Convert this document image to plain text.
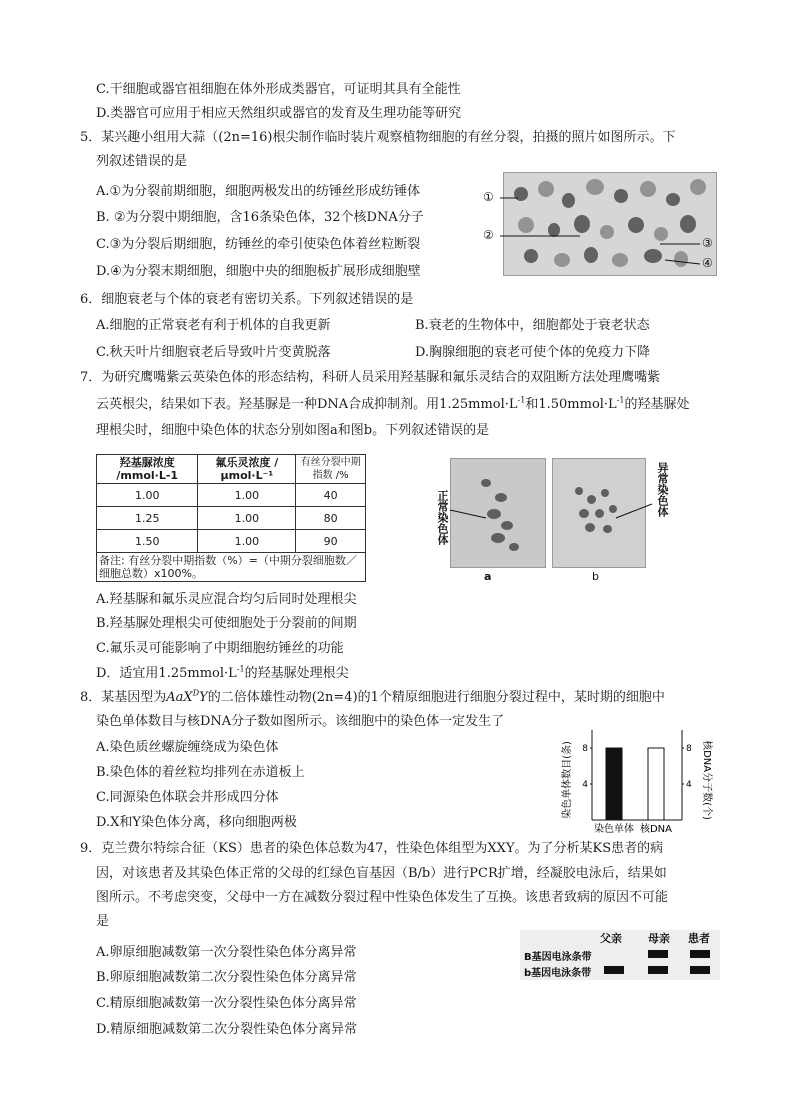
C.干细胞或器官祖细胞在体外形成类器官，可证明其具有全能性
D.类器官可应用于相应天然组织或器官的发育及生理功能等研究
5．某兴趣小组用大蒜（(2n=16)根尖制作临时装片观察植物细胞的有丝分裂，拍摄的照片如图所示。下
列叙述错误的是
A.①为分裂前期细胞，细胞两极发出的纺锤丝形成纺锤体
B. ②为分裂中期细胞，含16条染色体，32个核DNA分子
C.③为分裂后期细胞，纺锤丝的牵引使染色体着丝粒断裂
D.④为分裂末期细胞，细胞中央的细胞板扩展形成细胞壁
①
②
③
④
6．细胞衰老与个体的衰老有密切关系。下列叙述错误的是
A.细胞的正常衰老有利于机体的自我更新	B.衰老的生物体中，细胞都处于衰老状态
C.秋天叶片细胞衰老后导致叶片变黄脱落	D.胸腺细胞的衰老可使个体的免疫力下降
7．为研究鹰嘴紫云英染色体的形态结构，科研人员采用羟基脲和氟乐灵结合的双阻断方法处理鹰嘴紫
云英根尖，结果如下表。羟基脲是一种DNA合成抑制剂。用$1.25mmol\cdot L^{-1}$和$1.50mmol\cdot L^{-1}$的羟基脲处
理根尖时，细胞中染色体的状态分别如图a和图b。下列叙述错误的是
羟基脲浓度 /mmol·L-1	氟乐灵浓度 /μmol·L⁻¹	有丝分裂中期指数 /%
1.00	1.00	40
1.25	1.00	80
1.50	1.00	90
备注: 有丝分裂中期指数（%）=（中期分裂细胞数／细胞总数）x100%。		
正常染色体
异常染色体
a	b
A.羟基脲和氟乐灵应混合均匀后同时处理根尖
B.羟基脲处理根尖可使细胞处于分裂前的间期
C.氟乐灵可能影响了中期细胞纺锤丝的功能
D．适宜用$1.25mmol\cdot L^{-1}$的羟基脲处理根尖
8．某基因型为AaX$^D$Y的二倍体雄性动物(2n=4)的1个精原细胞进行细胞分裂过程中，某时期的细胞中
染色单体数目与核DNA分子数如图所示。该细胞中的染色体一定发生了
A.染色质丝螺旋缠绕成为染色体
B.染色体的着丝粒均排列在赤道板上
C.同源染色体联会并形成四分体
D.X和Y染色体分离，移向细胞两极
染色单体数目(条)	核DNA分子数(个)
4	4
8	8
染色单体 核DNA
9．克兰费尔特综合征（KS）患者的染色体总数为47，性染色体组型为XXY。为了分析某KS患者的病
因，对该患者及其染色体正常的父母的红绿色盲基因（B/b）进行PCR扩增，经凝胶电泳后，结果如
图所示。不考虑突变，父母中一方在减数分裂过程中性染色体发生了互换。该患者致病的原因不可能
是
A.卵原细胞减数第一次分裂性染色体分离异常
B.卵原细胞减数第二次分裂性染色体分离异常
C.精原细胞减数第一次分裂性染色体分离异常
D.精原细胞减数第二次分裂性染色体分离异常
父亲 母亲 患者
B基因电泳条带
b基因电泳条带
